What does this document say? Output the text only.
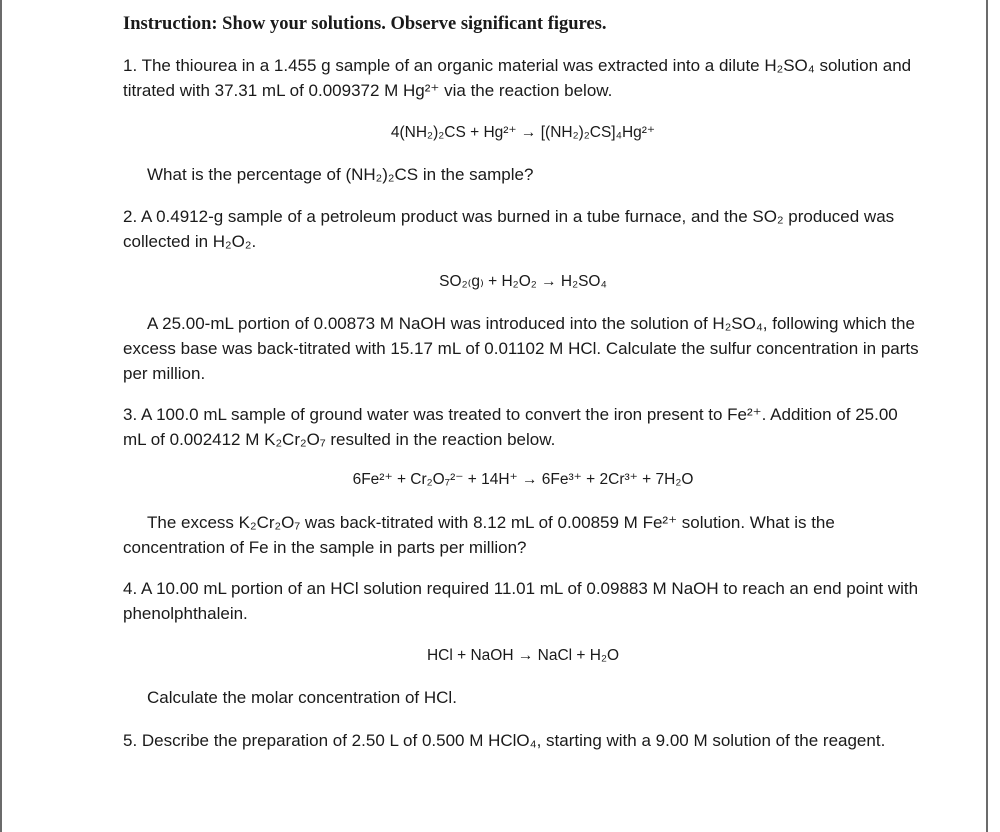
Instruction: Show your solutions. Observe significant figures.
1. The thiourea in a 1.455 g sample of an organic material was extracted into a dilute H₂SO₄ solution and titrated with 37.31 mL of 0.009372 M Hg²⁺ via the reaction below.
4(NH₂)₂CS + Hg²⁺ → [(NH₂)₂CS]₄Hg²⁺
What is the percentage of (NH₂)₂CS in the sample?
2. A 0.4912-g sample of a petroleum product was burned in a tube furnace, and the SO₂ produced was collected in H₂O₂.
SO₂₍g₎ + H₂O₂ → H₂SO₄
A 25.00-mL portion of 0.00873 M NaOH was introduced into the solution of H₂SO₄, following which the excess base was back-titrated with 15.17 mL of 0.01102 M HCl. Calculate the sulfur concentration in parts per million.
3. A 100.0 mL sample of ground water was treated to convert the iron present to Fe²⁺. Addition of 25.00 mL of 0.002412 M K₂Cr₂O₇ resulted in the reaction below.
6Fe²⁺ + Cr₂O₇²⁻ + 14H⁺ → 6Fe³⁺ + 2Cr³⁺ + 7H₂O
The excess K₂Cr₂O₇ was back-titrated with 8.12 mL of 0.00859 M Fe²⁺ solution. What is the concentration of Fe in the sample in parts per million?
4. A 10.00 mL portion of an HCl solution required 11.01 mL of 0.09883 M NaOH to reach an end point with phenolphthalein.
HCl + NaOH → NaCl + H₂O
Calculate the molar concentration of HCl.
5. Describe the preparation of 2.50 L of 0.500 M HClO₄, starting with a 9.00 M solution of the reagent.
